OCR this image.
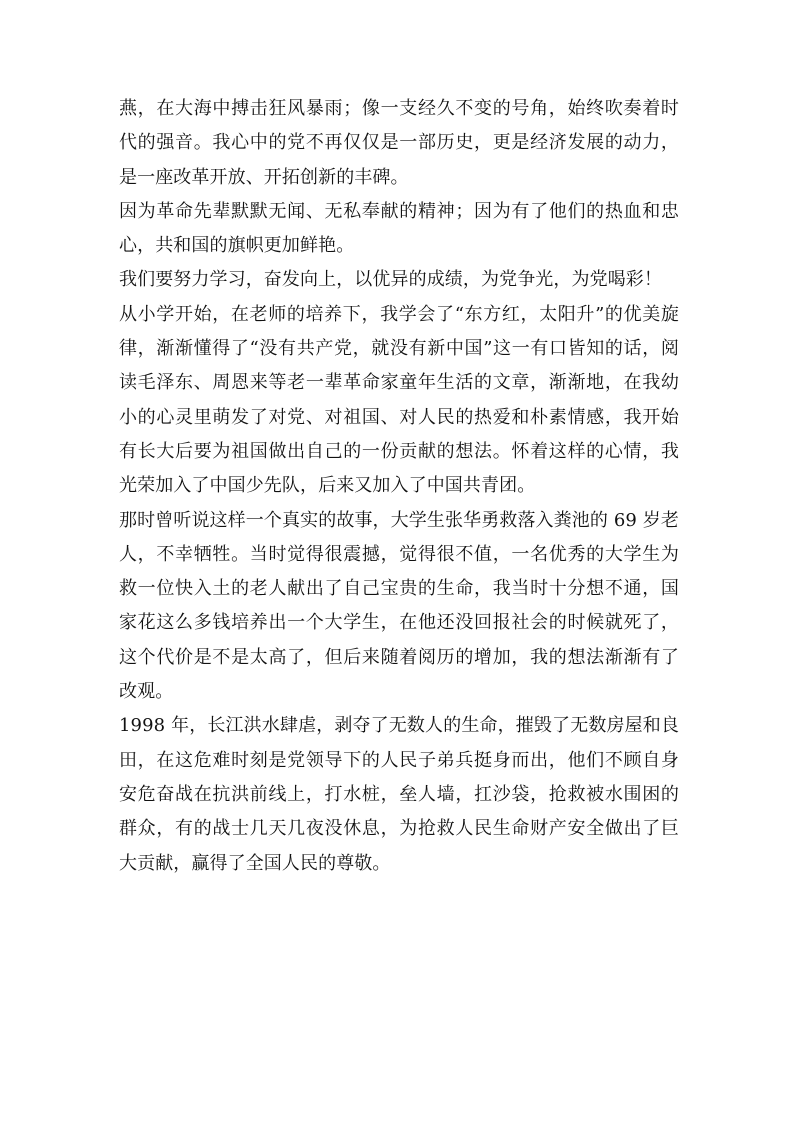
燕，在大海中搏击狂风暴雨；像一支经久不变的号角，始终吹奏着时代的强音。我心中的党不再仅仅是一部历史，更是经济发展的动力，是一座改革开放、开拓创新的丰碑。

因为革命先辈默默无闻、无私奉献的精神；因为有了他们的热血和忠心，共和国的旗帜更加鲜艳。

我们要努力学习，奋发向上，以优异的成绩，为党争光，为党喝彩！

从小学开始，在老师的培养下，我学会了“东方红，太阳升”的优美旋律，渐渐懂得了“没有共产党，就没有新中国”这一有口皆知的话，阅读毛泽东、周恩来等老一辈革命家童年生活的文章，渐渐地，在我幼小的心灵里萌发了对党、对祖国、对人民的热爱和朴素情感，我开始有长大后要为祖国做出自己的一份贡献的想法。怀着这样的心情，我光荣加入了中国少先队，后来又加入了中国共青团。

那时曾听说这样一个真实的故事，大学生张华勇救落入粪池的 69 岁老人，不幸牺牲。当时觉得很震撼，觉得很不值，一名优秀的大学生为救一位快入土的老人献出了自己宝贵的生命，我当时十分想不通，国家花这么多钱培养出一个大学生，在他还没回报社会的时候就死了，这个代价是不是太高了，但后来随着阅历的增加，我的想法渐渐有了改观。

1998 年，长江洪水肆虐，剥夺了无数人的生命，摧毁了无数房屋和良田，在这危难时刻是党领导下的人民子弟兵挺身而出，他们不顾自身安危奋战在抗洪前线上，打水桩，垒人墙，扛沙袋，抢救被水围困的群众，有的战士几天几夜没休息，为抢救人民生命财产安全做出了巨大贡献，赢得了全国人民的尊敬。
